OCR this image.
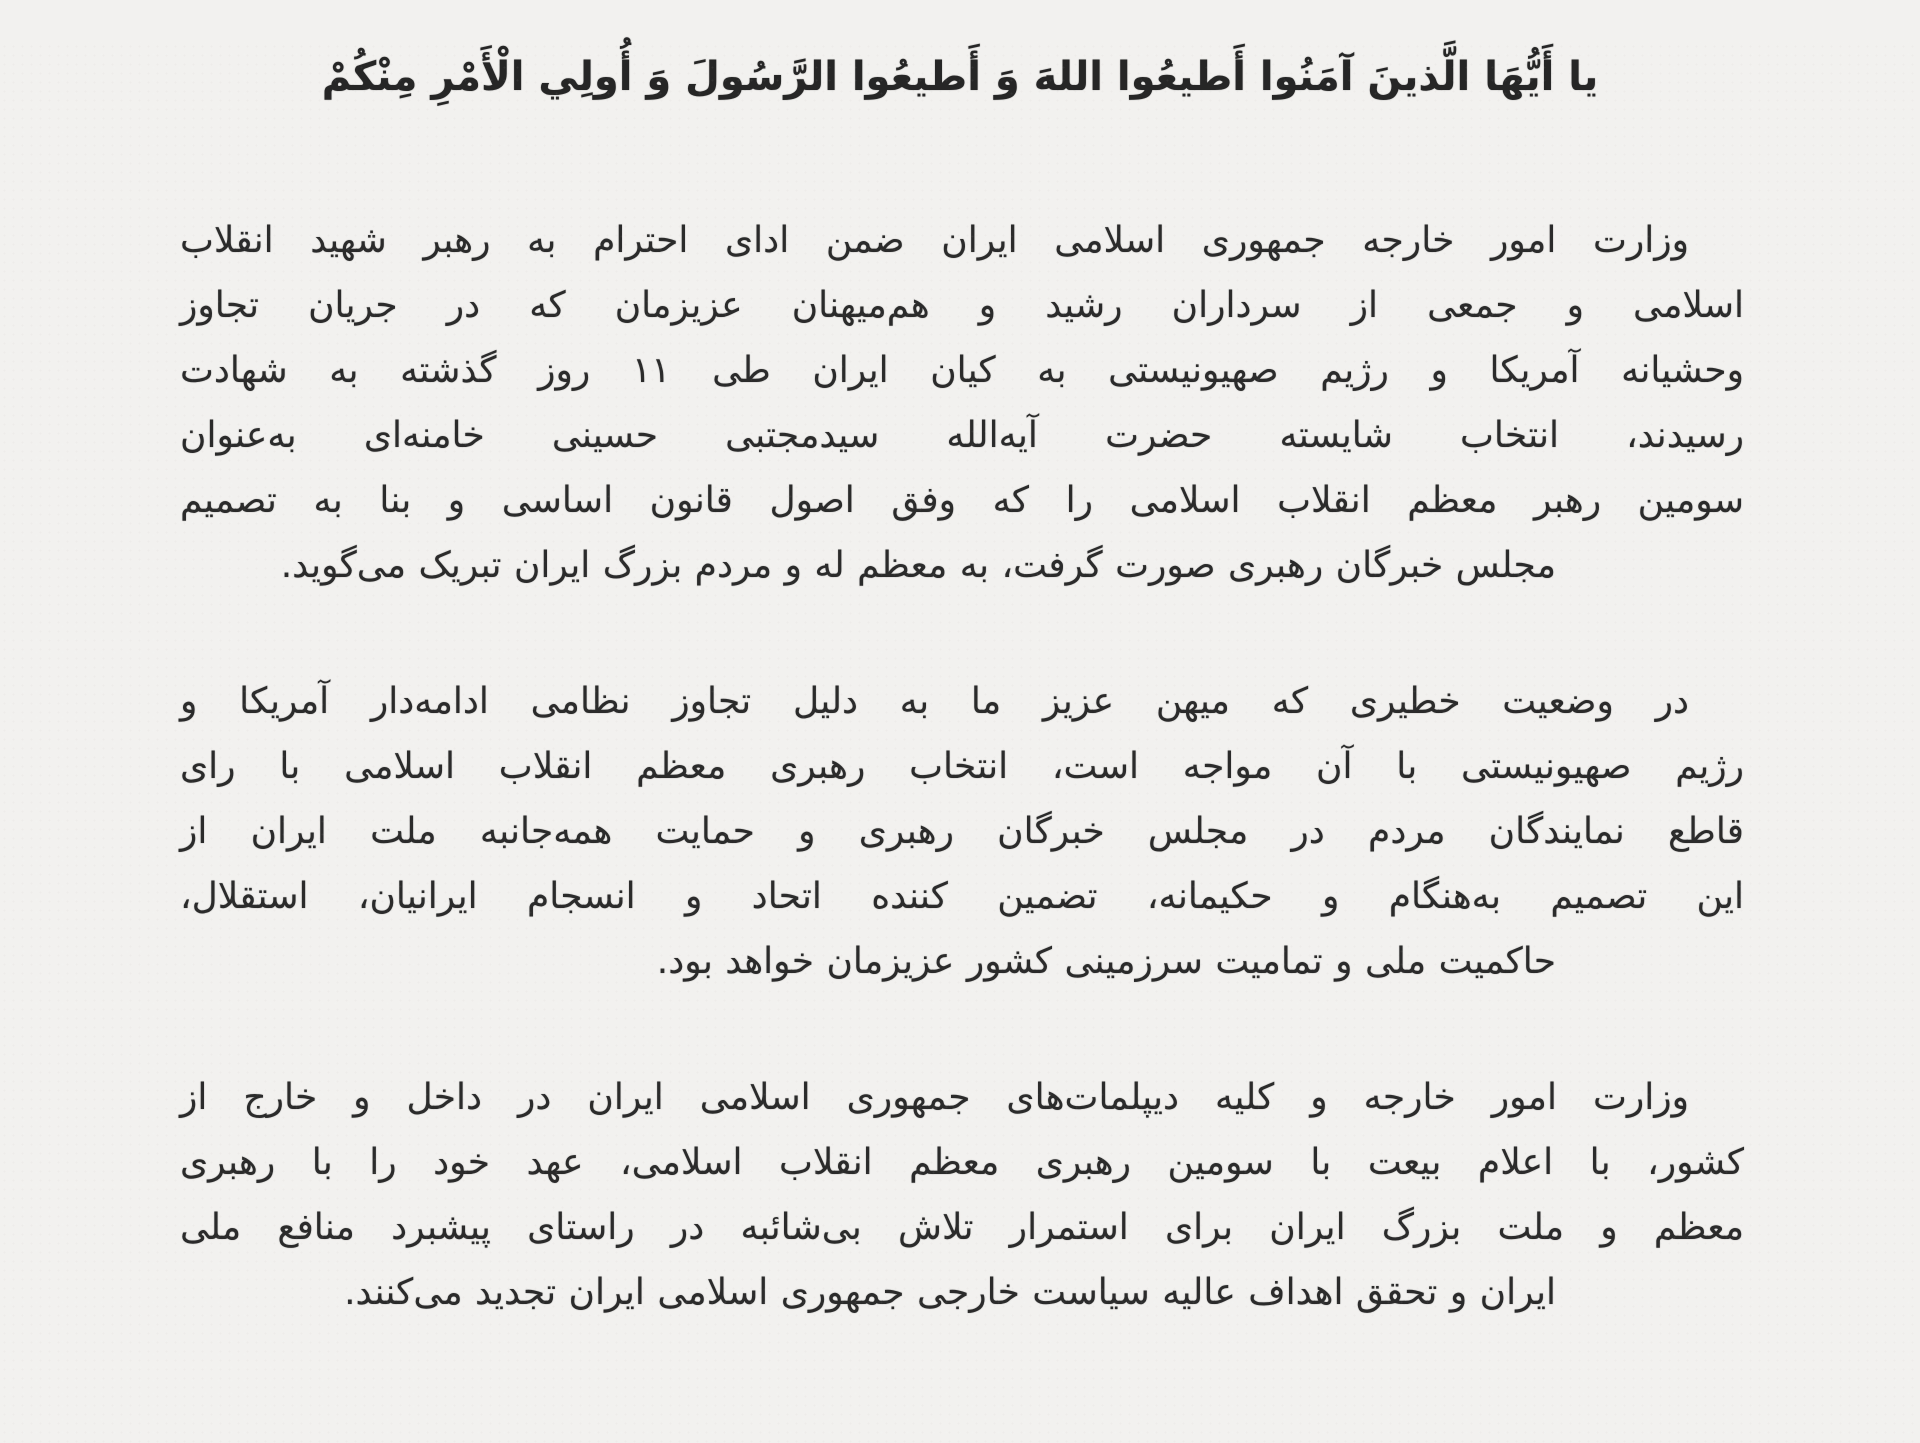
یا أَیُّهَا الَّذینَ آمَنُوا أَطیعُوا اللهَ وَ أَطیعُوا الرَّسُولَ وَ أُولِي الْأَمْرِ مِنْكُمْ
وزارت امور خارجه جمهوری اسلامی ایران ضمن ادای احترام به رهبر شهید انقلاب
اسلامی و جمعی از سرداران رشید و هم‌میهنان عزیزمان که در جریان تجاوز
وحشیانه آمریکا و رژیم صهیونیستی به کیان ایران طی ۱۱ روز گذشته به شهادت
رسیدند، انتخاب شایسته حضرت آیه‌الله سیدمجتبی حسینی خامنه‌ای به‌عنوان
سومین رهبر معظم انقلاب اسلامی را که وفق اصول قانون اساسی و بنا به تصمیم
مجلس خبرگان رهبری صورت گرفت، به معظم له و مردم بزرگ ایران تبریک می‌گوید.
در وضعیت خطیری که میهن عزیز ما به دلیل تجاوز نظامی ادامه‌دار آمریکا و
رژیم صهیونیستی با آن مواجه است، انتخاب رهبری معظم انقلاب اسلامی با رای
قاطع نمایندگان مردم در مجلس خبرگان رهبری و حمایت همه‌جانبه ملت ایران از
این تصمیم به‌هنگام و حکیمانه، تضمین کننده اتحاد و انسجام ایرانیان، استقلال،
حاکمیت ملی و تمامیت سرزمینی کشور عزیزمان خواهد بود.
وزارت امور خارجه و کلیه دیپلمات‌های جمهوری اسلامی ایران در داخل و خارج از
کشور، با اعلام بیعت با سومین رهبری معظم انقلاب اسلامی، عهد خود را با رهبری
معظم و ملت بزرگ ایران برای استمرار تلاش بی‌شائبه در راستای پیشبرد منافع ملی
ایران و تحقق اهداف عالیه سیاست خارجی جمهوری اسلامی ایران تجدید می‌کنند.
